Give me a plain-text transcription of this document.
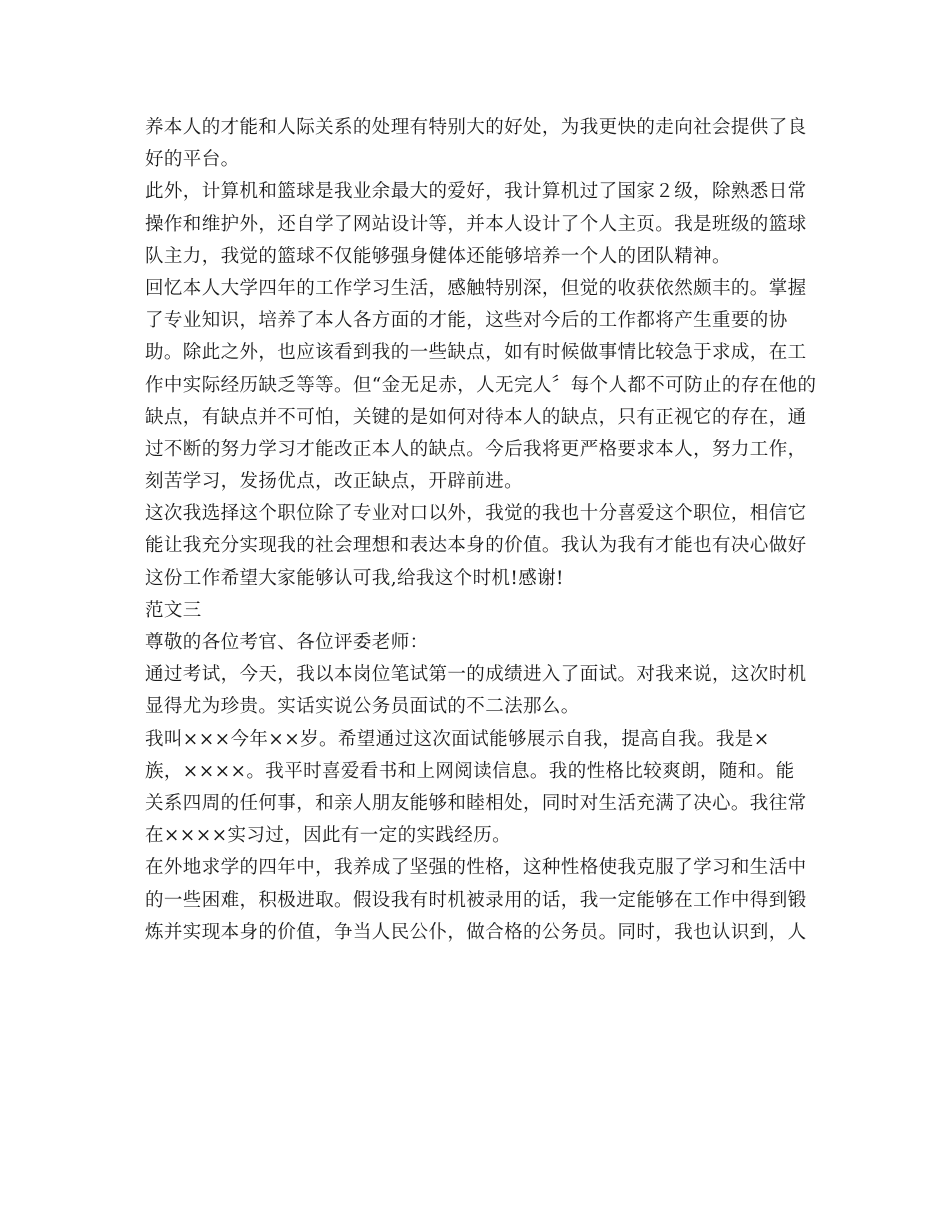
养本人的才能和人际关系的处理有特别大的好处，为我更快的走向社会提供了良
好的平台。
此外，计算机和篮球是我业余最大的爱好，我计算机过了国家２级，除熟悉日常
操作和维护外，还自学了网站设计等，并本人设计了个人主页。我是班级的篮球
队主力，我觉的篮球不仅能够强身健体还能够培养一个人的团队精神。
回忆本人大学四年的工作学习生活，感触特别深，但觉的收获依然颇丰的。掌握
了专业知识，培养了本人各方面的才能，这些对今后的工作都将产生重要的协
助。除此之外，也应该看到我的一些缺点，如有时候做事情比较急于求成，在工
作中实际经历缺乏等等。但“金无足赤，人无完人〞每个人都不可防止的存在他的
缺点，有缺点并不可怕，关键的是如何对待本人的缺点，只有正视它的存在，通
过不断的努力学习才能改正本人的缺点。今后我将更严格要求本人，努力工作，
刻苦学习，发扬优点，改正缺点，开辟前进。
这次我选择这个职位除了专业对口以外，我觉的我也十分喜爱这个职位，相信它
能让我充分实现我的社会理想和表达本身的价值。我认为我有才能也有决心做好
这份工作希望大家能够认可我,给我这个时机!感谢!
范文三
尊敬的各位考官、各位评委老师：
通过考试，今天，我以本岗位笔试第一的成绩进入了面试。对我来说，这次时机
显得尤为珍贵。实话实说公务员面试的不二法那么。
我叫×××今年××岁。希望通过这次面试能够展示自我，提高自我。我是×
族，××××。我平时喜爱看书和上网阅读信息。我的性格比较爽朗，随和。能
关系四周的任何事，和亲人朋友能够和睦相处，同时对生活充满了决心。我往常
在××××实习过，因此有一定的实践经历。
在外地求学的四年中，我养成了坚强的性格，这种性格使我克服了学习和生活中
的一些困难，积极进取。假设我有时机被录用的话，我一定能够在工作中得到锻
炼并实现本身的价值，争当人民公仆，做合格的公务员。同时，我也认识到，人
